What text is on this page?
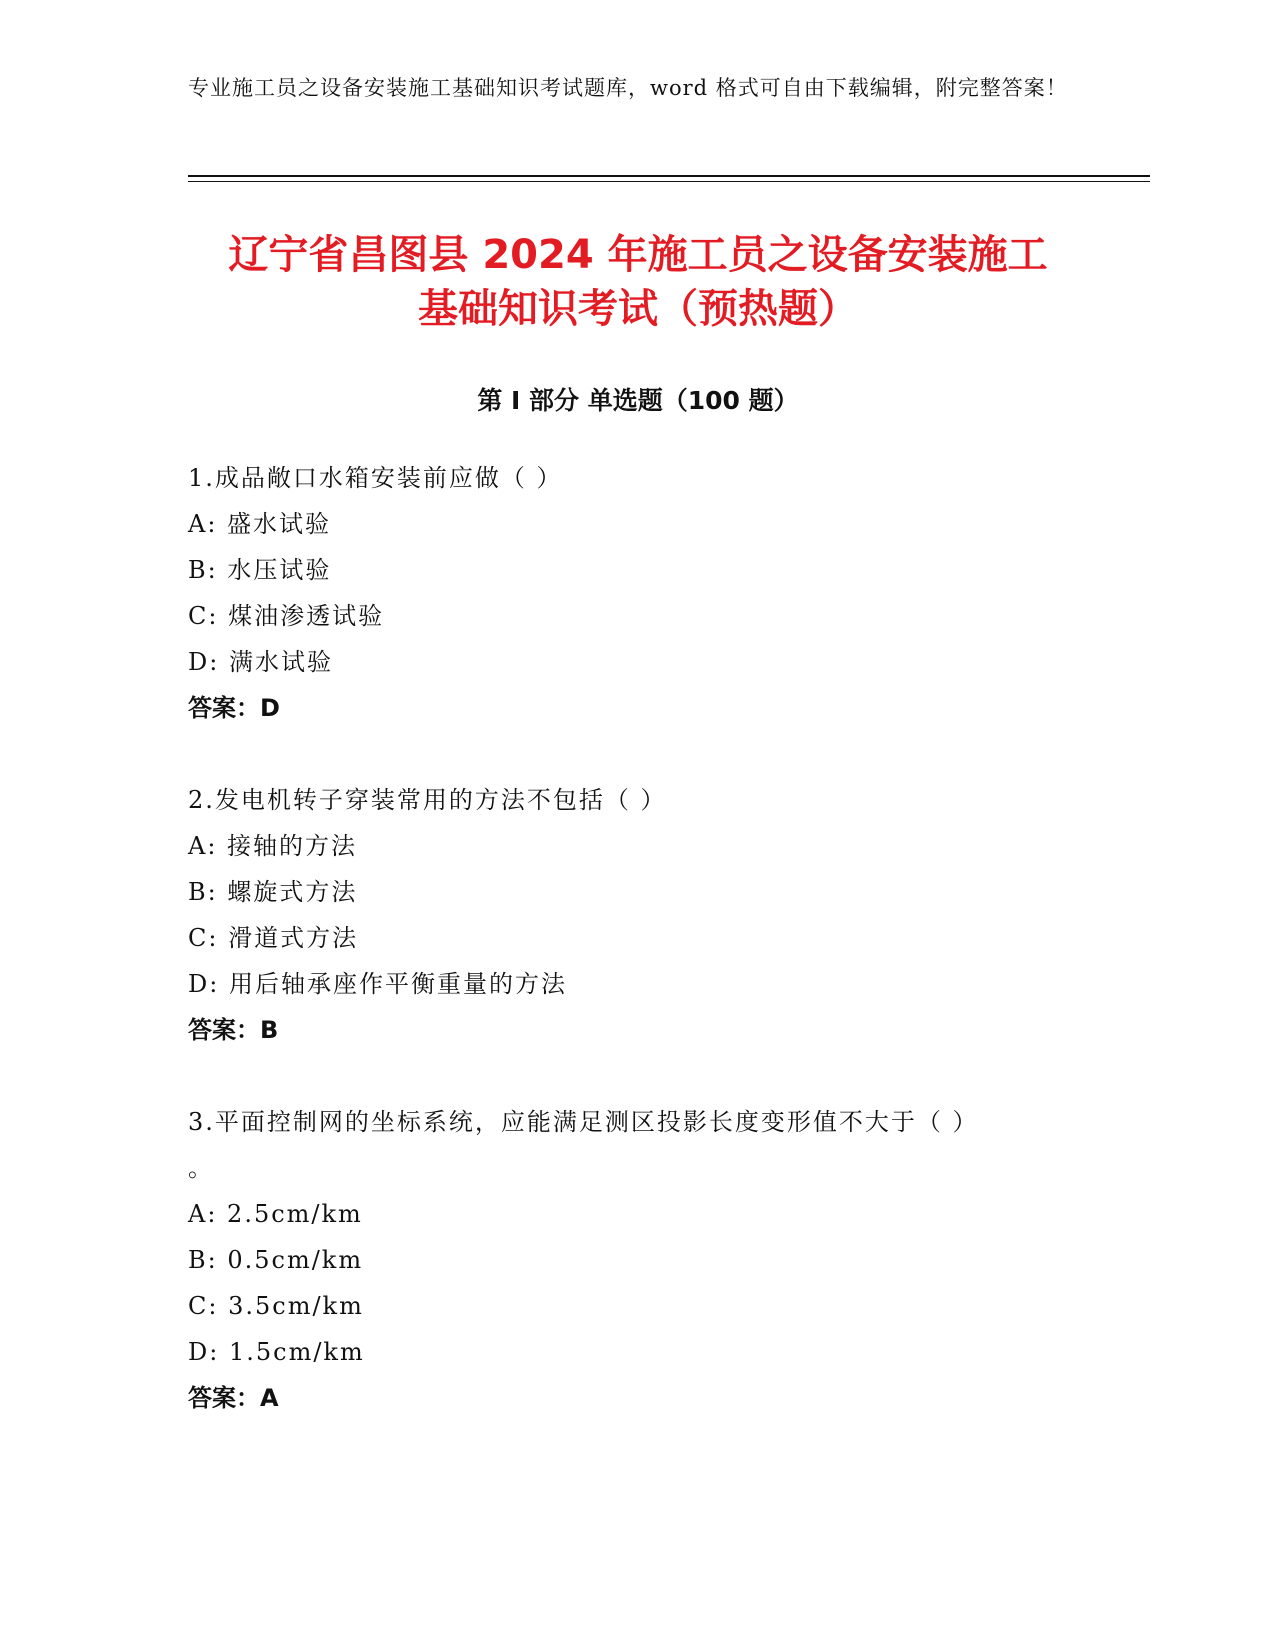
专业施工员之设备安装施工基础知识考试题库，word 格式可自由下载编辑，附完整答案！
辽宁省昌图县 2024 年施工员之设备安装施工
基础知识考试（预热题）
第 I 部分 单选题（100 题）
1.成品敞口水箱安装前应做（ ）
A: 盛水试验
B: 水压试验
C: 煤油渗透试验
D: 满水试验
答案：D
2.发电机转子穿装常用的方法不包括（ ）
A: 接轴的方法
B: 螺旋式方法
C: 滑道式方法
D: 用后轴承座作平衡重量的方法
答案：B
3.平面控制网的坐标系统，应能满足测区投影长度变形值不大于（ ）
。
A: 2.5cm/km
B: 0.5cm/km
C: 3.5cm/km
D: 1.5cm/km
答案：A
